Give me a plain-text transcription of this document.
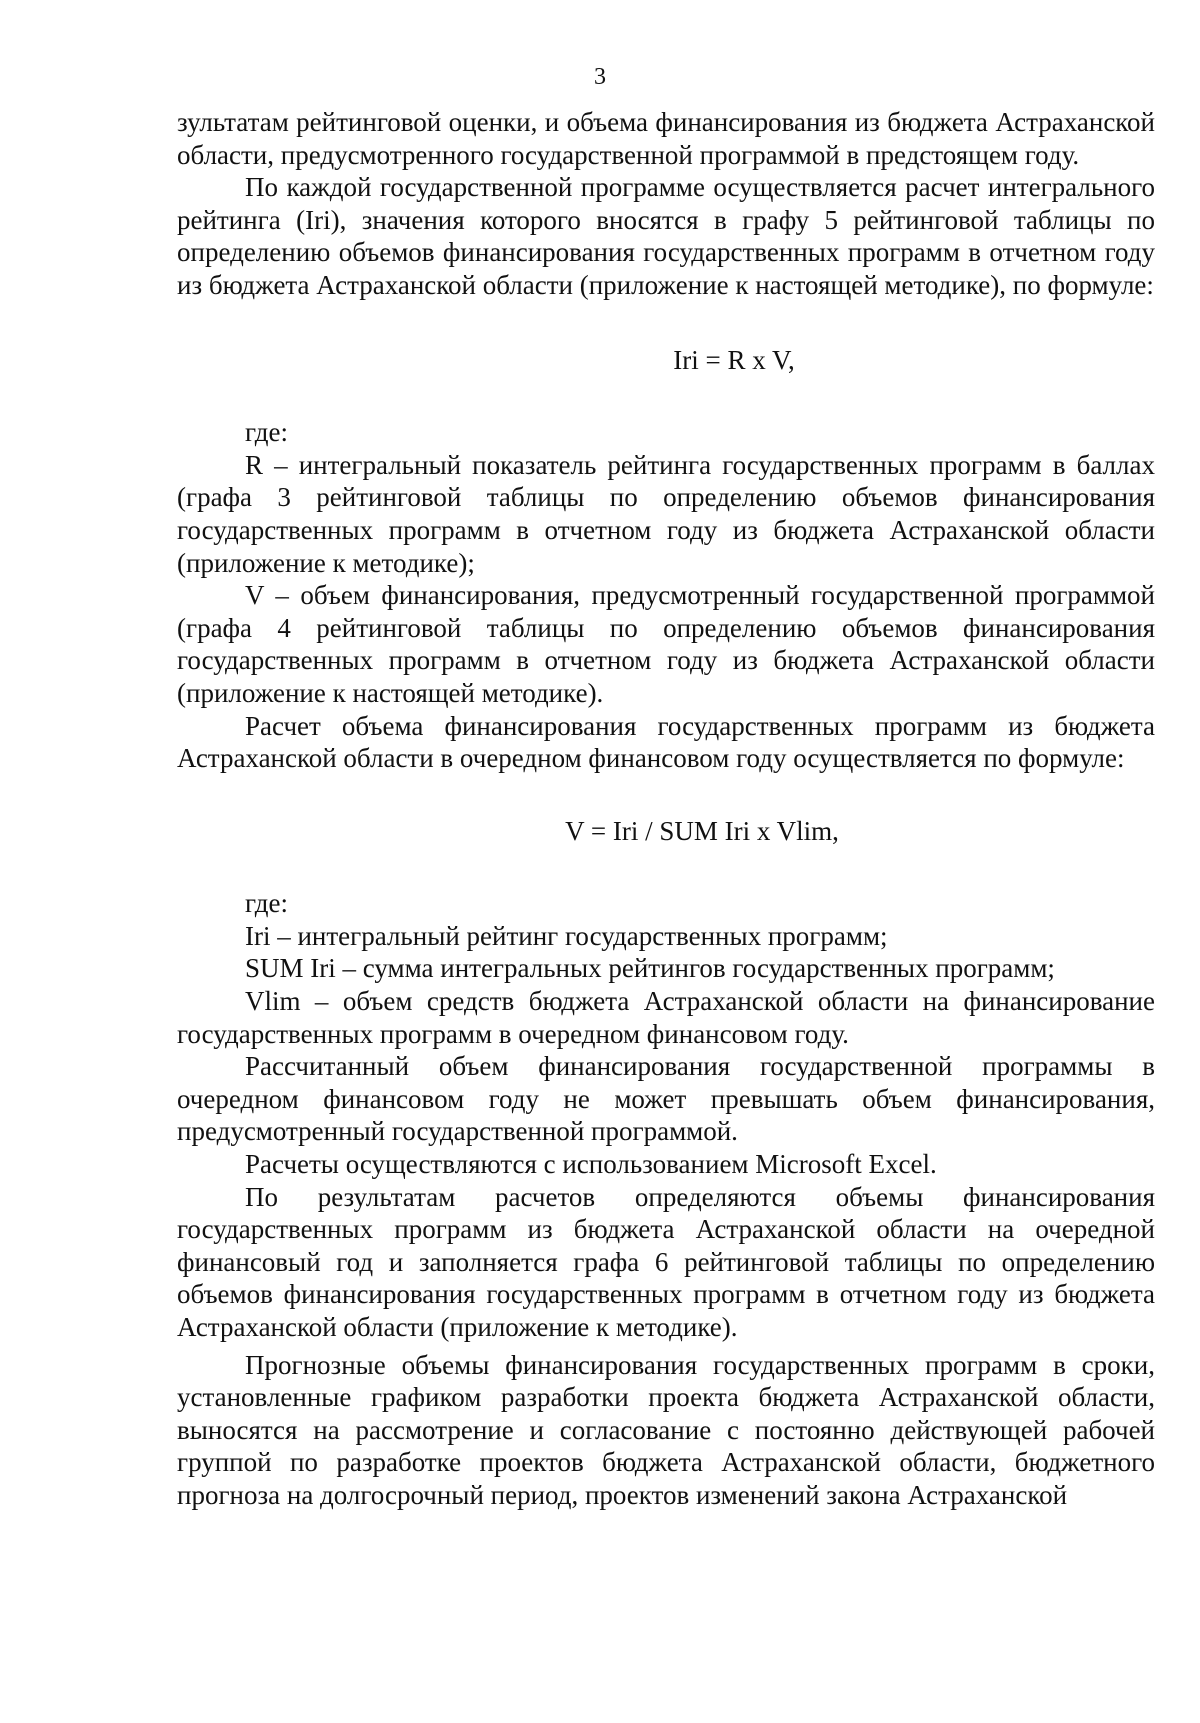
3

зультатам рейтинговой оценки, и объема финансирования из бюджета Астраханской области, предусмотренного государственной программой в предстоящем году.

По каждой государственной программе осуществляется расчет интегрального рейтинга (Iri), значения которого вносятся в графу 5 рейтинговой таблицы по определению объемов финансирования государственных программ в отчетном году из бюджета Астраханской области (приложение к настоящей методике), по формуле:

Iri = R x V,

где:

R – интегральный показатель рейтинга государственных программ в баллах (графа 3 рейтинговой таблицы по определению объемов финансирования государственных программ в отчетном году из бюджета Астраханской области (приложение к методике);

V – объем финансирования, предусмотренный государственной программой (графа 4 рейтинговой таблицы по определению объемов финансирования государственных программ в отчетном году из бюджета Астраханской области (приложение к настоящей методике).

Расчет объема финансирования государственных программ из бюджета Астраханской области в очередном финансовом году осуществляется по формуле:

V = Iri / SUM Iri x Vlim,

где:

Iri – интегральный рейтинг государственных программ;

SUM Iri – сумма интегральных рейтингов государственных программ;

Vlim – объем средств бюджета Астраханской области на финансирование государственных программ в очередном финансовом году.

Рассчитанный объем финансирования государственной программы в очередном финансовом году не может превышать объем финансирования, предусмотренный государственной программой.

Расчеты осуществляются с использованием Microsoft Excel.

По результатам расчетов определяются объемы финансирования государственных программ из бюджета Астраханской области на очередной финансовый год и заполняется графа 6 рейтинговой таблицы по определению объемов финансирования государственных программ в отчетном году из бюджета Астраханской области (приложение к методике).

Прогнозные объемы финансирования государственных программ в сроки, установленные графиком разработки проекта бюджета Астраханской области, выносятся на рассмотрение и согласование с постоянно действующей рабочей группой по разработке проектов бюджета Астраханской области, бюджетного прогноза на долгосрочный период, проектов изменений закона Астраханской
